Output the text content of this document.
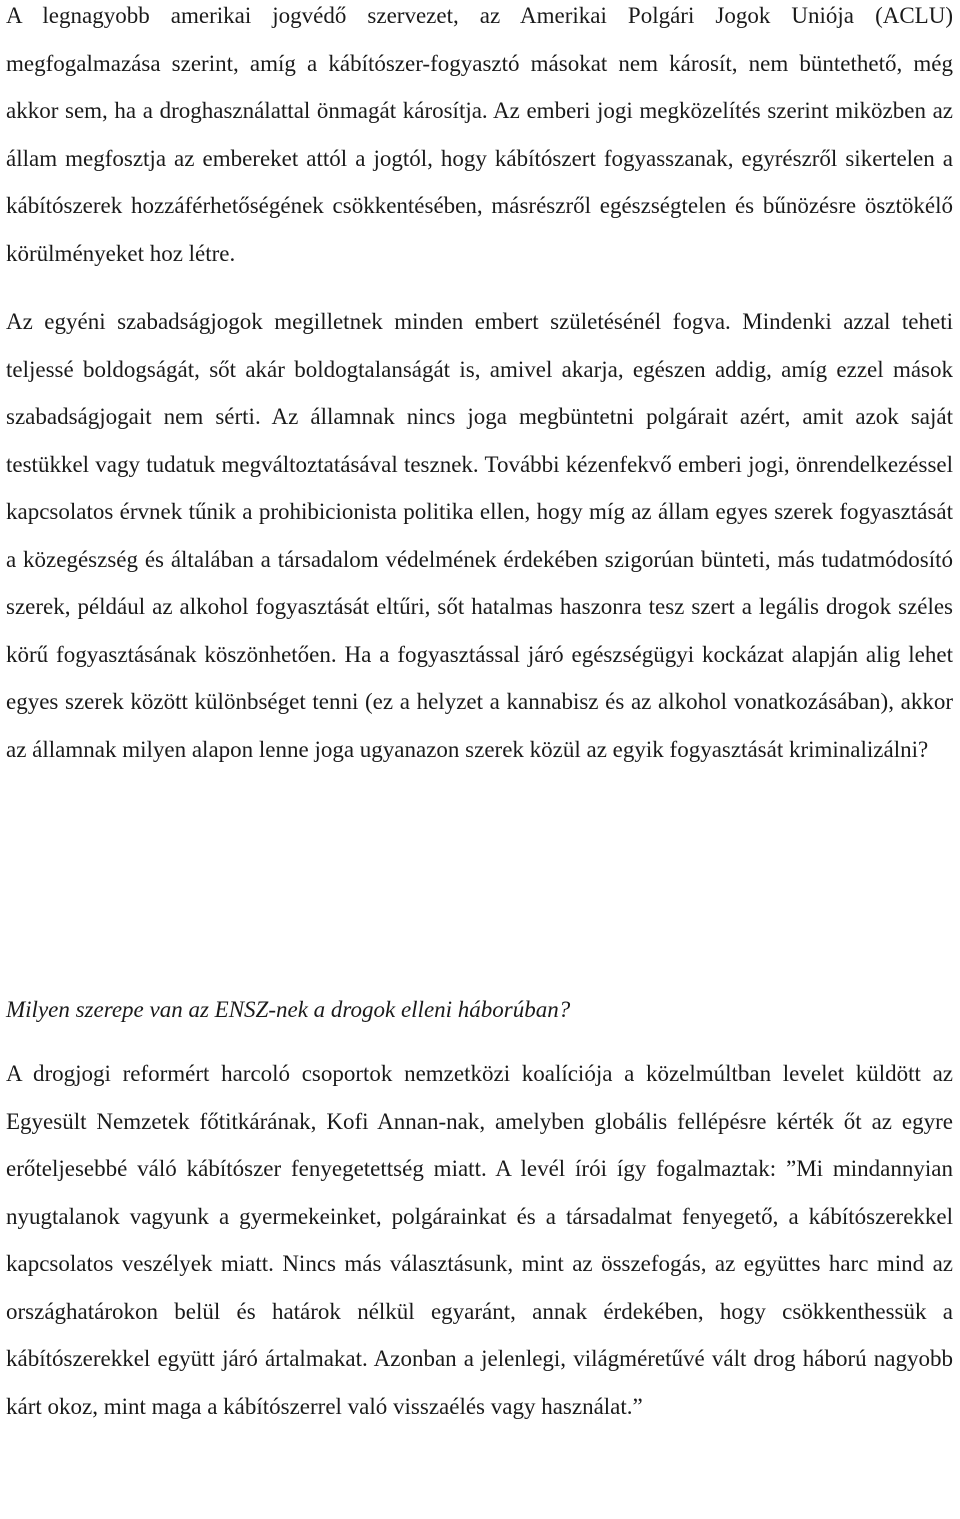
A legnagyobb amerikai jogvédő szervezet, az Amerikai Polgári Jogok Uniója (ACLU) megfogalmazása szerint, amíg a kábítószer-fogyasztó másokat nem károsít, nem büntethető, még akkor sem, ha a droghasználattal önmagát károsítja. Az emberi jogi megközelítés szerint miközben az állam megfosztja az embereket attól a jogtól, hogy kábítószert fogyasszanak, egyrészről sikertelen a kábítószerek hozzáférhetőségének csökkentésében, másrészről egészségtelen és bűnözésre ösztökélő körülményeket hoz létre.

Az egyéni szabadságjogok megilletnek minden embert születésénél fogva. Mindenki azzal teheti teljessé boldogságát, sőt akár boldogtalanságát is, amivel akarja, egészen addig, amíg ezzel mások szabadságjogait nem sérti. Az államnak nincs joga megbüntetni polgárait azért, amit azok saját testükkel vagy tudatuk megváltoztatásával tesznek. További kézenfekvő emberi jogi, önrendelkezéssel kapcsolatos érvnek tűnik a prohibicionista politika ellen, hogy míg az állam egyes szerek fogyasztását a közegészség és általában a társadalom védelmének érdekében szigorúan bünteti, más tudatmódosító szerek, például az alkohol fogyasztását eltűri, sőt hatalmas haszonra tesz szert a legális drogok széles körű fogyasztásának köszönhetően. Ha a fogyasztással járó egészségügyi kockázat alapján alig lehet egyes szerek között különbséget tenni (ez a helyzet a kannabisz és az alkohol vonatkozásában), akkor az államnak milyen alapon lenne joga ugyanazon szerek közül az egyik fogyasztását kriminalizálni?

Milyen szerepe van az ENSZ-nek a drogok elleni háborúban?

A drogjogi reformért harcoló csoportok nemzetközi koalíciója a közelmúltban levelet küldött az Egyesült Nemzetek főtitkárának, Kofi Annan-nak, amelyben globális fellépésre kérték őt az egyre erőteljesebbé váló kábítószer fenyegetettség miatt. A levél írói így fogalmaztak: ”Mi mindannyian nyugtalanok vagyunk a gyermekeinket, polgárainkat és a társadalmat fenyegető, a kábítószerekkel kapcsolatos veszélyek miatt. Nincs más választásunk, mint az összefogás, az együttes harc mind az országhatárokon belül és határok nélkül egyaránt, annak érdekében, hogy csökkenthessük a kábítószerekkel együtt járó ártalmakat. Azonban a jelenlegi, világméretűvé vált drog háború nagyobb kárt okoz, mint maga a kábítószerrel való visszaélés vagy használat.”
